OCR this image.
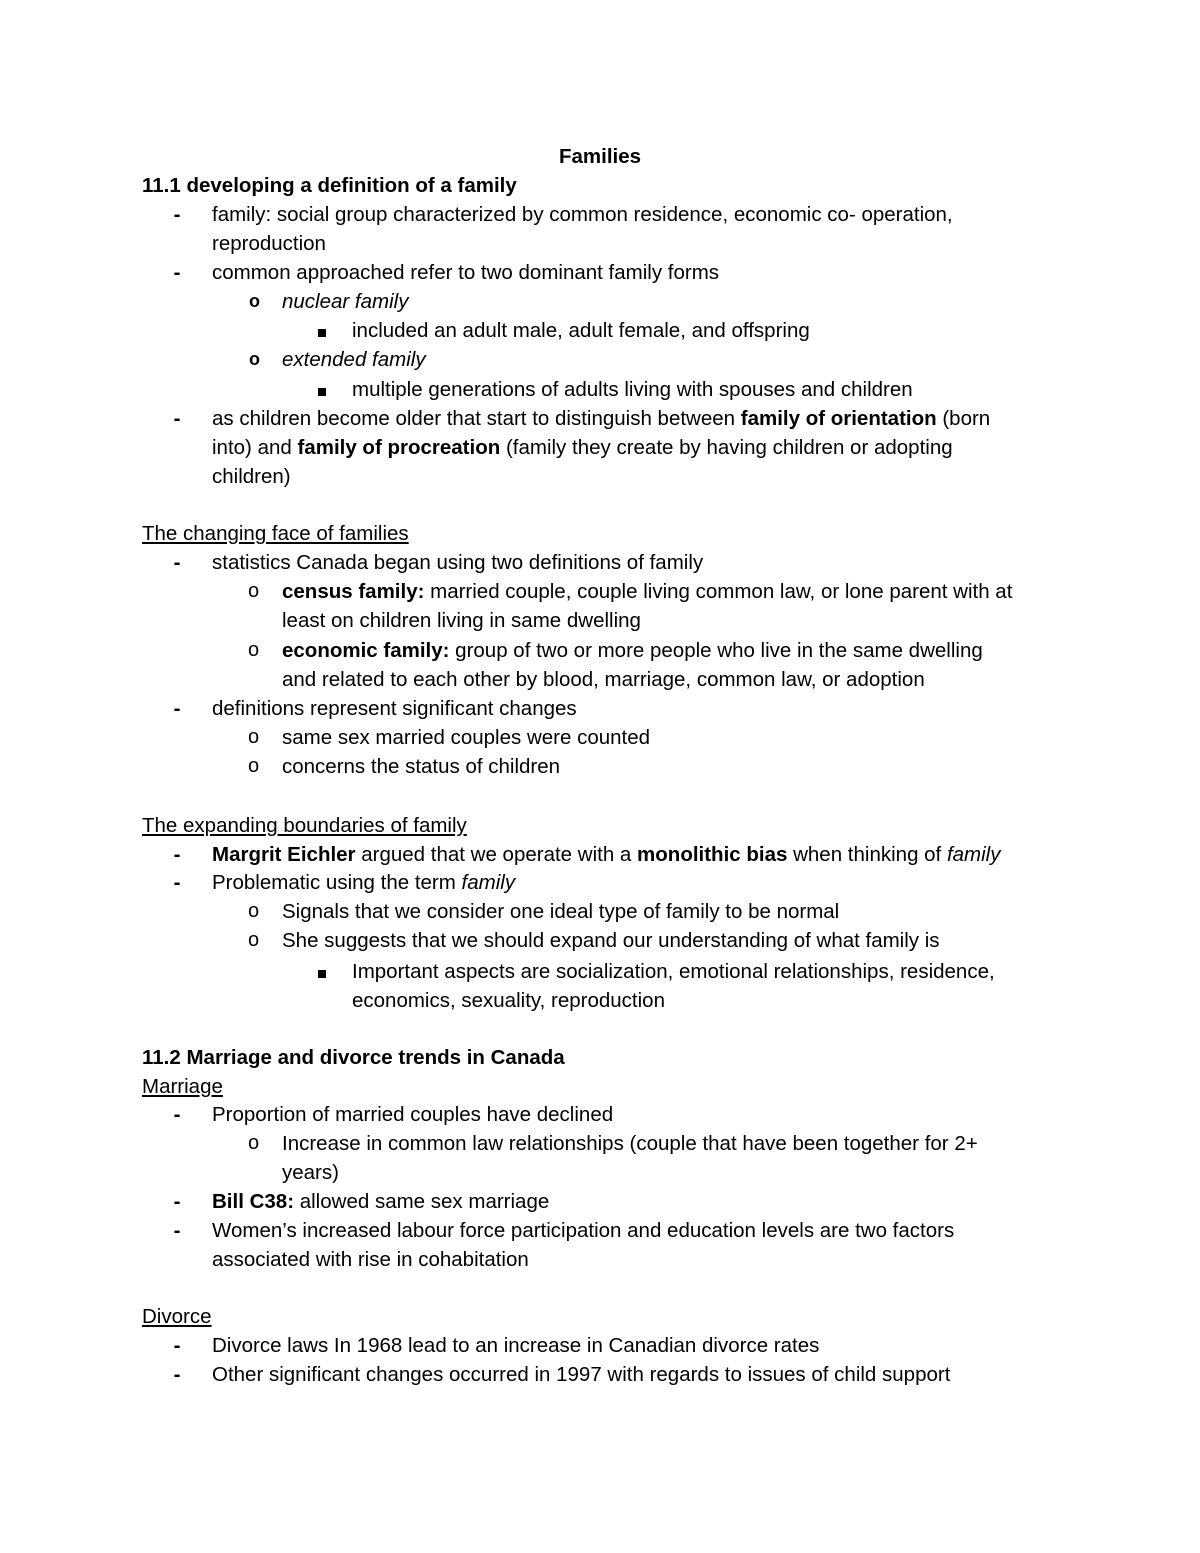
Families
11.1 developing a definition of a family
- family: social group characterized by common residence, economic co- operation,
reproduction
- common approached refer to two dominant family forms
o nuclear family
included an adult male, adult female, and offspring
o extended family
multiple generations of adults living with spouses and children
- as children become older that start to distinguish between family of orientation (born
into) and family of procreation (family they create by having children or adopting
children)
The changing face of families
- statistics Canada began using two definitions of family
o census family: married couple, couple living common law, or lone parent with at
least on children living in same dwelling
o economic family: group of two or more people who live in the same dwelling
and related to each other by blood, marriage, common law, or adoption
- definitions represent significant changes
o same sex married couples were counted
o concerns the status of children
The expanding boundaries of family
- Margrit Eichler argued that we operate with a monolithic bias when thinking of family
- Problematic using the term family
o Signals that we consider one ideal type of family to be normal
o She suggests that we should expand our understanding of what family is
Important aspects are socialization, emotional relationships, residence,
economics, sexuality, reproduction
11.2 Marriage and divorce trends in Canada
Marriage
- Proportion of married couples have declined
o Increase in common law relationships (couple that have been together for 2+
years)
- Bill C38: allowed same sex marriage
- Women’s increased labour force participation and education levels are two factors
associated with rise in cohabitation
Divorce
- Divorce laws In 1968 lead to an increase in Canadian divorce rates
- Other significant changes occurred in 1997 with regards to issues of child support
